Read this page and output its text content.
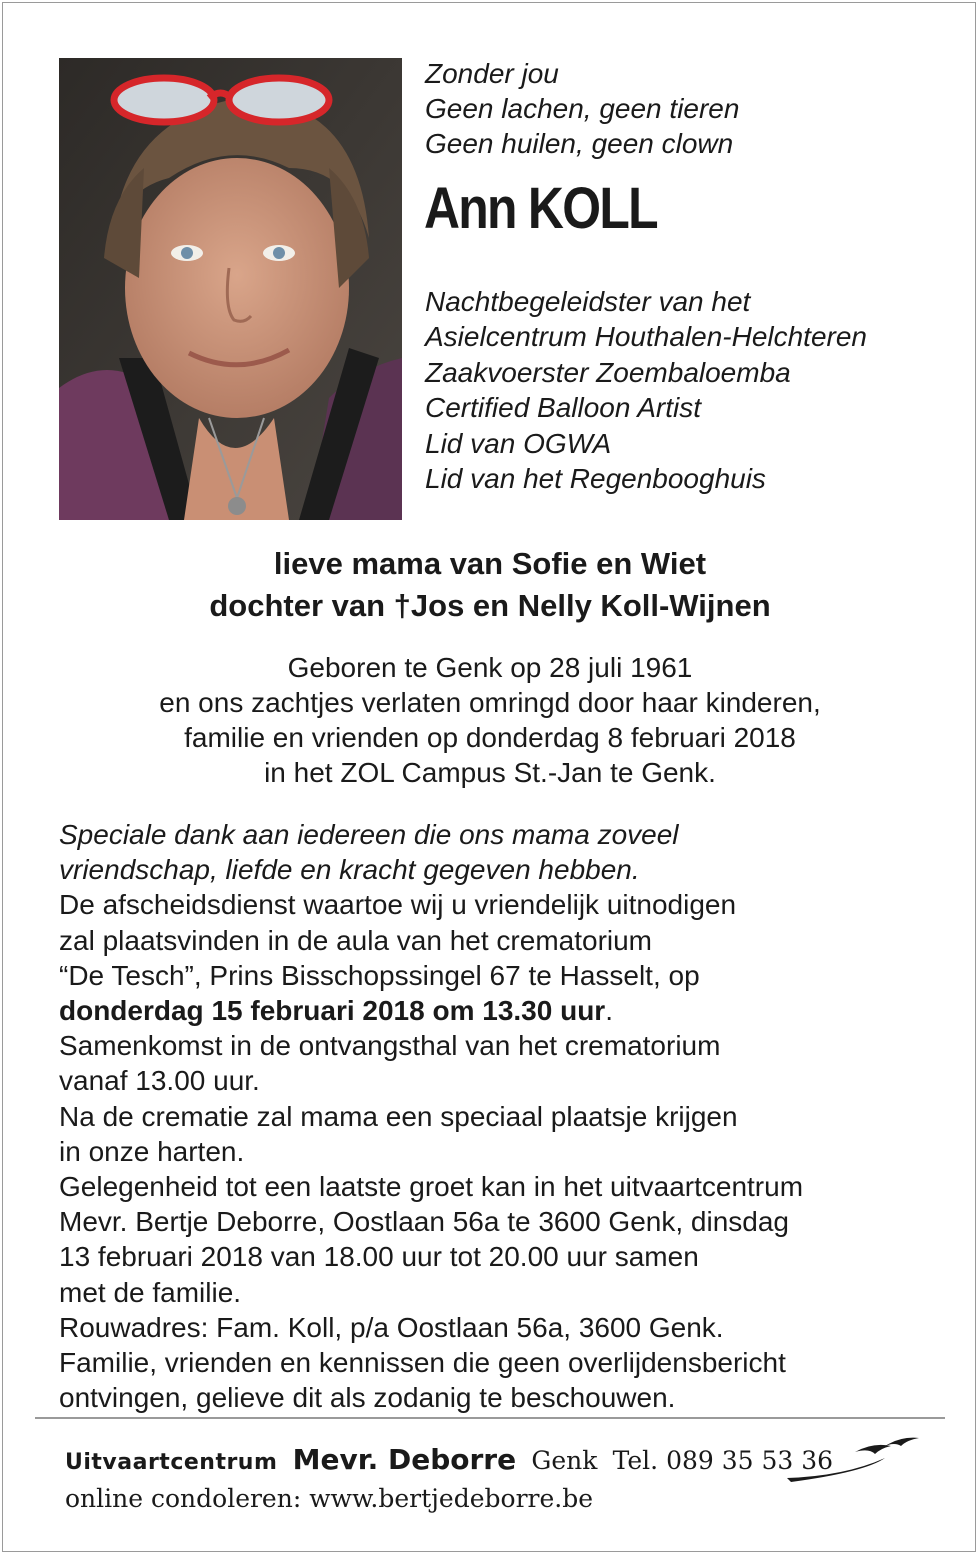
Zonder jou
Geen lachen, geen tieren
Geen huilen, geen clown
Ann KOLL
Nachtbegeleidster van het
Asielcentrum Houthalen-Helchteren
Zaakvoerster Zoembaloemba
Certified Balloon Artist
Lid van OGWA
Lid van het Regenbooghuis
lieve mama van Sofie en Wiet
dochter van †Jos en Nelly Koll-Wijnen
Geboren te Genk op 28 juli 1961
en ons zachtjes verlaten omringd door haar kinderen,
familie en vrienden op donderdag 8 februari 2018
in het ZOL Campus St.-Jan te Genk.
Speciale dank aan iedereen die ons mama zoveel
vriendschap, liefde en kracht gegeven hebben.
De afscheidsdienst waartoe wij u vriendelijk uitnodigen
zal plaatsvinden in de aula van het crematorium
“De Tesch”, Prins Bisschopssingel 67 te Hasselt, op
donderdag 15 februari 2018 om 13.30 uur.
Samenkomst in de ontvangsthal van het crematorium
vanaf 13.00 uur.
Na de crematie zal mama een speciaal plaatsje krijgen
in onze harten.
Gelegenheid tot een laatste groet kan in het uitvaartcentrum
Mevr. Bertje Deborre, Oostlaan 56a te 3600 Genk, dinsdag
13 februari 2018 van 18.00 uur tot 20.00 uur samen
met de familie.
Rouwadres: Fam. Koll, p/a Oostlaan 56a, 3600 Genk.
Familie, vrienden en kennissen die geen overlijdensbericht
ontvingen, gelieve dit als zodanig te beschouwen.
Uitvaartcentrum Mevr. Deborre Genk Tel. 089 35 53 36
online condoleren: www.bertjedeborre.be
